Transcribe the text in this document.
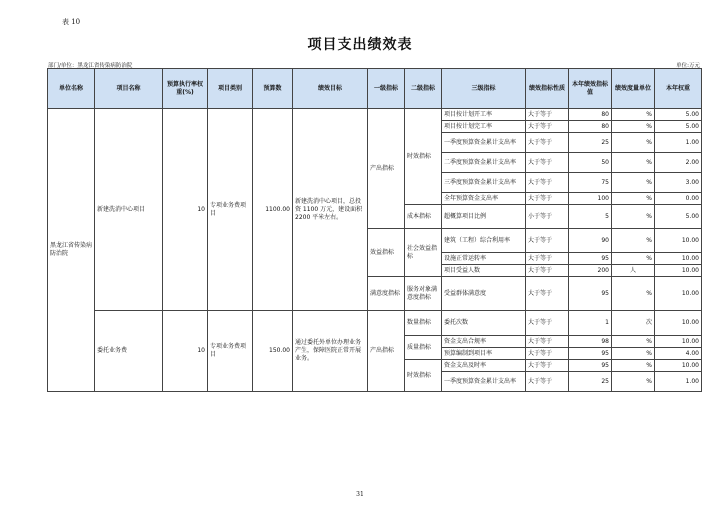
表 10
项目支出绩效表
部门/单位：黑龙江省传染病防治院	单位:万元
单位名称	项目名称	预算执行率权重(%)	项目类别	预算数	绩效目标	一级指标	二级指标	三级指标	绩效指标性质	本年绩效指标值	绩效度量单位	本年权重
黑龙江省传染病防治院	新建洗消中心项目	10	专项业务费项目	1100.00	新建洗消中心项目，总投资 1100 万元，建设面积 2200 平米左右。	产出指标	时效指标	项目按计划开工率	大于等于	80	%	5.00
								项目按计划完工率	大于等于	80	%	5.00
								一季度预算资金累计支出率	大于等于	25	%	1.00
								二季度预算资金累计支出率	大于等于	50	%	2.00
								三季度预算资金累计支出率	大于等于	75	%	3.00
								全年预算资金支出率	大于等于	100	%	0.00
							成本指标	超概算项目比例	小于等于	5	%	5.00
						效益指标	社会效益指标	建筑（工程）综合利用率	大于等于	90	%	10.00
								设施正常运转率	大于等于	95	%	10.00
								项目受益人数	大于等于	200	人	10.00
						满意度指标	服务对象满意度指标	受益群体满意度	大于等于	95	%	10.00
	委托业务费	10	专项业务费项目	150.00	通过委托外单位办理业务产生，保障医院正常开展业务。	产出指标	数量指标	委托次数	大于等于	1	次	10.00
							质量指标	资金支出合规率	大于等于	98	%	10.00
								预算编制到项目率	大于等于	95	%	4.00
							时效指标	资金支出及时率	大于等于	95	%	10.00
								一季度预算资金累计支出率	大于等于	25	%	1.00
31
